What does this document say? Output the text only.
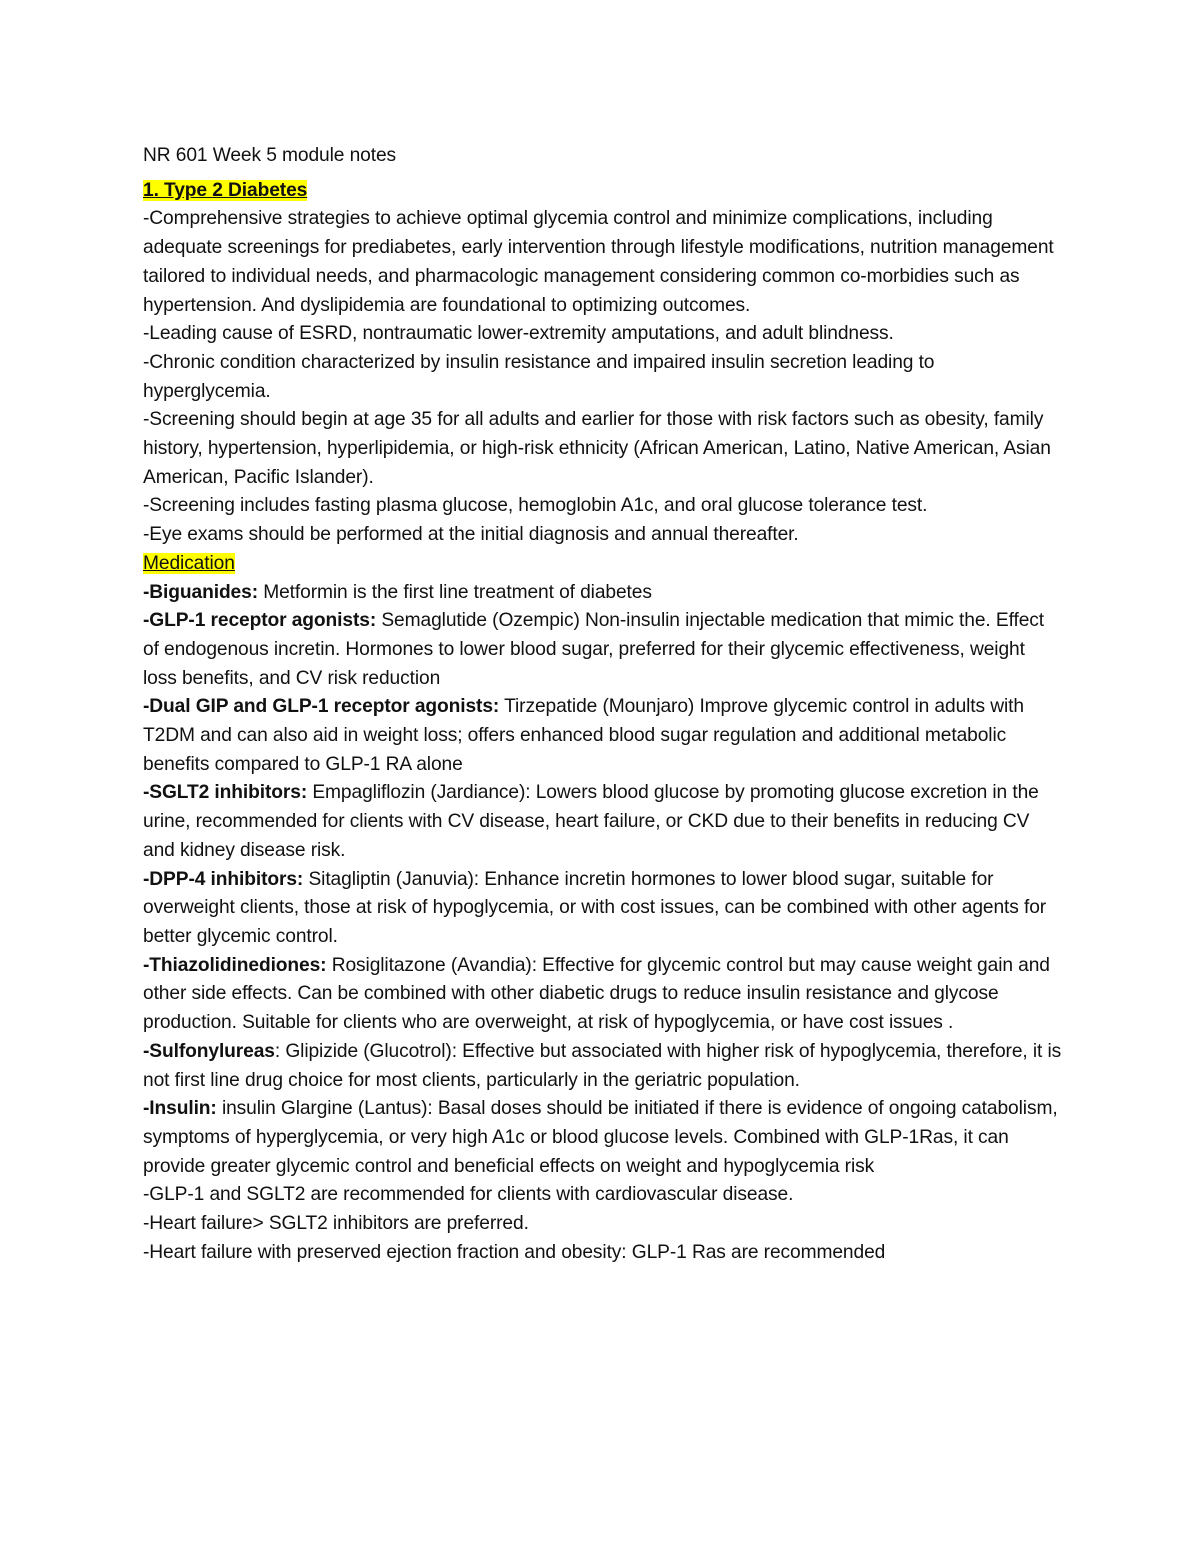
NR 601 Week 5 module notes

1. Type 2 Diabetes

-Comprehensive strategies to achieve optimal glycemia control and minimize complications, including adequate screenings for prediabetes, early intervention through lifestyle modifications, nutrition management tailored to individual needs, and pharmacologic management considering common co-morbidies such as hypertension. And dyslipidemia are foundational to optimizing outcomes.

-Leading cause of ESRD, nontraumatic lower-extremity amputations, and adult blindness.

-Chronic condition characterized by insulin resistance and impaired insulin secretion leading to hyperglycemia.

-Screening should begin at age 35 for all adults and earlier for those with risk factors such as obesity, family history, hypertension, hyperlipidemia, or high-risk ethnicity (African American, Latino, Native American, Asian

American, Pacific Islander).

-Screening includes fasting plasma glucose, hemoglobin A1c, and oral glucose tolerance test.

-Eye exams should be performed at the initial diagnosis and annual thereafter.

Medication

-Biguanides: Metformin is the first line treatment of diabetes

-GLP-1 receptor agonists: Semaglutide (Ozempic) Non-insulin injectable medication that mimic the. Effect of endogenous incretin. Hormones to lower blood sugar, preferred for their glycemic effectiveness, weight loss benefits, and CV risk reduction

-Dual GIP and GLP-1 receptor agonists: Tirzepatide (Mounjaro) Improve glycemic control in adults with T2DM and can also aid in weight loss; offers enhanced blood sugar regulation and additional metabolic benefits compared to GLP-1 RA alone

-SGLT2 inhibitors: Empagliflozin (Jardiance): Lowers blood glucose by promoting glucose excretion in the urine, recommended for clients with CV disease, heart failure, or CKD due to their benefits in reducing CV and kidney disease risk.

-DPP-4 inhibitors: Sitagliptin (Januvia): Enhance incretin hormones to lower blood sugar, suitable for overweight clients, those at risk of hypoglycemia, or with cost issues, can be combined with other agents for better glycemic control.

-Thiazolidinediones: Rosiglitazone (Avandia): Effective for glycemic control but may cause weight gain and other side effects. Can be combined with other diabetic drugs to reduce insulin resistance and glycose production. Suitable for clients who are overweight, at risk of hypoglycemia, or have cost issues .

-Sulfonylureas: Glipizide (Glucotrol): Effective but associated with higher risk of hypoglycemia, therefore, it is not first line drug choice for most clients, particularly in the geriatric population.

-Insulin: insulin Glargine (Lantus): Basal doses should be initiated if there is evidence of ongoing catabolism, symptoms of hyperglycemia, or very high A1c or blood glucose levels. Combined with GLP-1Ras, it can provide greater glycemic control and beneficial effects on weight and hypoglycemia risk

-GLP-1 and SGLT2 are recommended for clients with cardiovascular disease.

-Heart failure> SGLT2 inhibitors are preferred.

-Heart failure with preserved ejection fraction and obesity: GLP-1 Ras are recommended
